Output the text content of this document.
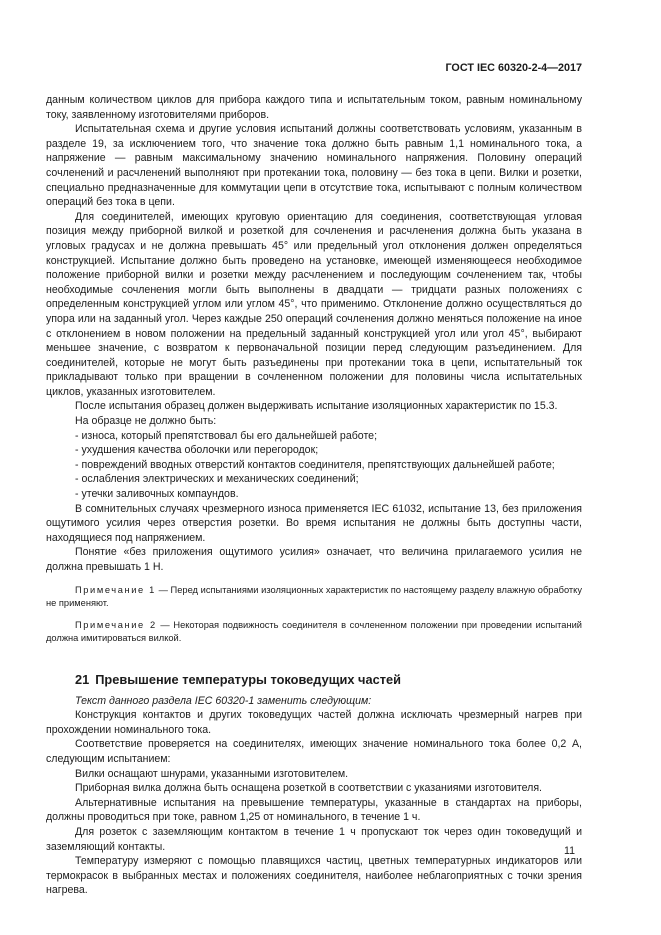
ГОСТ IEC 60320-2-4—2017

данным количеством циклов для прибора каждого типа и испытательным током, равным номинальному току, заявленному изготовителями приборов.

Испытательная схема и другие условия испытаний должны соответствовать условиям, указанным в разделе 19, за исключением того, что значение тока должно быть равным 1,1 номинального тока, а напряжение — равным максимальному значению номинального напряжения. Половину операций сочленений и расчленений выполняют при протекании тока, половину — без тока в цепи. Вилки и розетки, специально предназначенные для коммутации цепи в отсутствие тока, испытывают с полным количеством операций без тока в цепи.

Для соединителей, имеющих круговую ориентацию для соединения, соответствующая угловая позиция между приборной вилкой и розеткой для сочленения и расчленения должна быть указана в угловых градусах и не должна превышать 45° или предельный угол отклонения должен определяться конструкцией. Испытание должно быть проведено на установке, имеющей изменяющееся необходимое положение приборной вилки и розетки между расчленением и последующим сочленением так, чтобы необходимые сочленения могли быть выполнены в двадцати — тридцати разных положениях с определенным конструкцией углом или углом 45°, что применимо. Отклонение должно осуществляться до упора или на заданный угол. Через каждые 250 операций сочленения должно меняться положение на иное с отклонением в новом положении на предельный заданный конструкцией угол или угол 45°, выбирают меньшее значение, с возвратом к первоначальной позиции перед следующим разъединением. Для соединителей, которые не могут быть разъединены при протекании тока в цепи, испытательный ток прикладывают только при вращении в сочлененном положении для половины числа испытательных циклов, указанных изготовителем.

После испытания образец должен выдерживать испытание изоляционных характеристик по 15.3.

На образце не должно быть:

- износа, который препятствовал бы его дальнейшей работе;

- ухудшения качества оболочки или перегородок;

- повреждений вводных отверстий контактов соединителя, препятствующих дальнейшей работе;

- ослабления электрических и механических соединений;

- утечки заливочных компаундов.

В сомнительных случаях чрезмерного износа применяется IEC 61032, испытание 13, без приложения ощутимого усилия через отверстия розетки. Во время испытания не должны быть доступны части, находящиеся под напряжением.

Понятие «без приложения ощутимого усилия» означает, что величина прилагаемого усилия не должна превышать 1 Н.

Примечание 1 — Перед испытаниями изоляционных характеристик по настоящему разделу влажную обработку не применяют.

Примечание 2 — Некоторая подвижность соединителя в сочлененном положении при проведении испытаний должна имитироваться вилкой.

21 Превышение температуры токоведущих частей

Текст данного раздела IEC 60320-1 заменить следующим:

Конструкция контактов и других токоведущих частей должна исключать чрезмерный нагрев при прохождении номинального тока.

Соответствие проверяется на соединителях, имеющих значение номинального тока более 0,2 А, следующим испытанием:

Вилки оснащают шнурами, указанными изготовителем.

Приборная вилка должна быть оснащена розеткой в соответствии с указаниями изготовителя.

Альтернативные испытания на превышение температуры, указанные в стандартах на приборы, должны проводиться при токе, равном 1,25 от номинального, в течение 1 ч.

Для розеток с заземляющим контактом в течение 1 ч пропускают ток через один токоведущий и заземляющий контакты.

Температуру измеряют с помощью плавящихся частиц, цветных температурных индикаторов или термокрасок в выбранных местах и положениях соединителя, наиболее неблагоприятных с точки зрения нагрева.

11
